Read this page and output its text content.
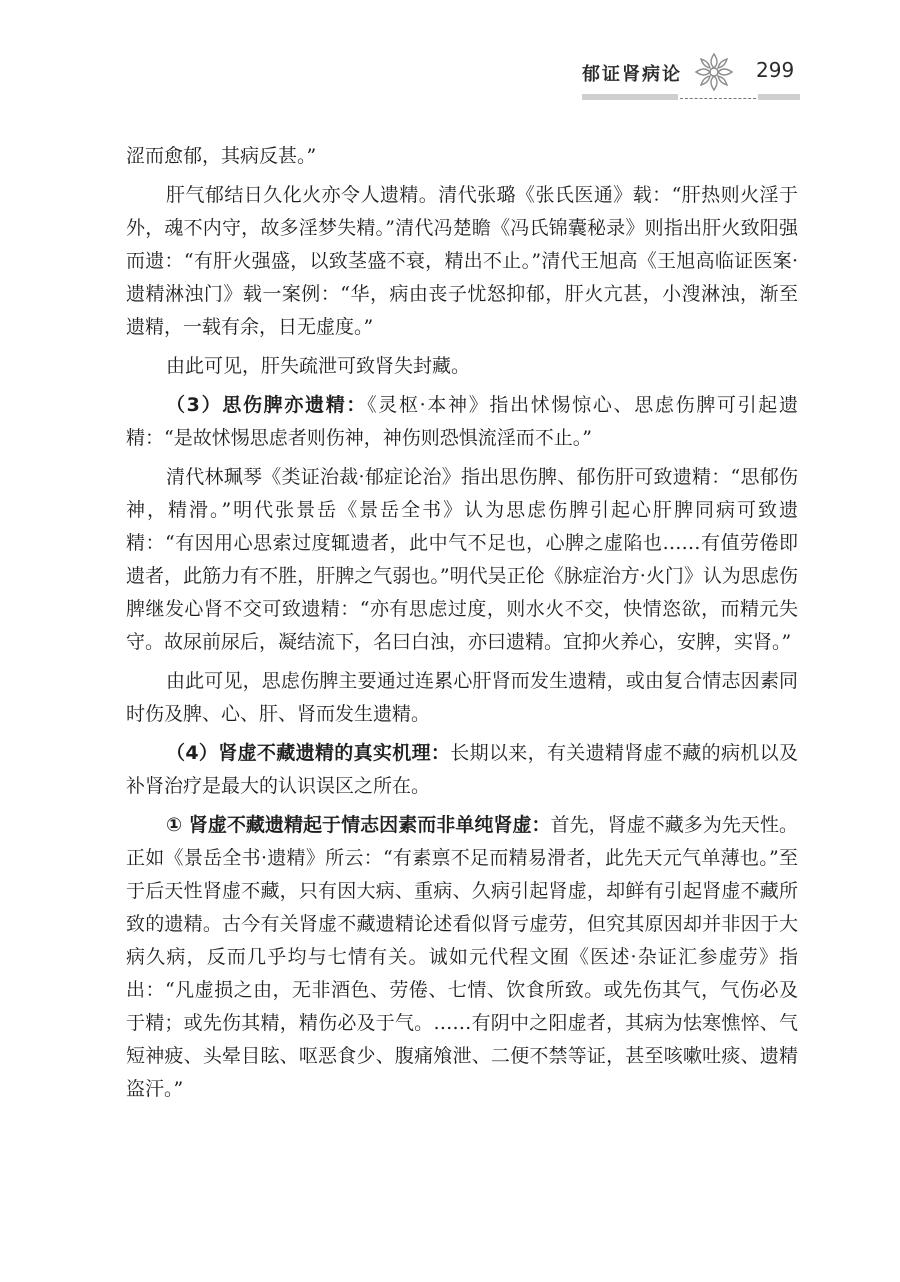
郁证肾病论	299

涩而愈郁，其病反甚。”

肝气郁结日久化火亦令人遗精。清代张璐《张氏医通》载：“肝热则火淫于外，魂不内守，故多淫梦失精。”清代冯楚瞻《冯氏锦囊秘录》则指出肝火致阳强而遗：“有肝火强盛，以致茎盛不衰，精出不止。”清代王旭高《王旭高临证医案·遗精淋浊门》载一案例：“华，病由丧子忧怒抑郁，肝火亢甚，小溲淋浊，渐至遗精，一载有余，日无虚度。”

由此可见，肝失疏泄可致肾失封藏。

（3）思伤脾亦遗精：《灵枢·本神》指出怵惕惊心、思虑伤脾可引起遗精：“是故怵惕思虑者则伤神，神伤则恐惧流淫而不止。”

清代林珮琴《类证治裁·郁症论治》指出思伤脾、郁伤肝可致遗精：“思郁伤神，精滑。”明代张景岳《景岳全书》认为思虑伤脾引起心肝脾同病可致遗精：“有因用心思索过度辄遗者，此中气不足也，心脾之虚陷也……有值劳倦即遗者，此筋力有不胜，肝脾之气弱也。”明代吴正伦《脉症治方·火门》认为思虑伤脾继发心肾不交可致遗精：“亦有思虑过度，则水火不交，快情恣欲，而精元失守。故尿前尿后，凝结流下，名曰白浊，亦曰遗精。宜抑火养心，安脾，实肾。”

由此可见，思虑伤脾主要通过连累心肝肾而发生遗精，或由复合情志因素同时伤及脾、心、肝、肾而发生遗精。

（4）肾虚不藏遗精的真实机理：长期以来，有关遗精肾虚不藏的病机以及补肾治疗是最大的认识误区之所在。

① 肾虚不藏遗精起于情志因素而非单纯肾虚：首先，肾虚不藏多为先天性。正如《景岳全书·遗精》所云：“有素禀不足而精易滑者，此先天元气单薄也。”至于后天性肾虚不藏，只有因大病、重病、久病引起肾虚，却鲜有引起肾虚不藏所致的遗精。古今有关肾虚不藏遗精论述看似肾亏虚劳，但究其原因却并非因于大病久病，反而几乎均与七情有关。诚如元代程文囿《医述·杂证汇参虚劳》指出：“凡虚损之由，无非酒色、劳倦、七情、饮食所致。或先伤其气，气伤必及于精；或先伤其精，精伤必及于气。……有阴中之阳虚者，其病为怯寒憔悴、气短神疲、头晕目眩、呕恶食少、腹痛飧泄、二便不禁等证，甚至咳嗽吐痰、遗精盗汗。”
